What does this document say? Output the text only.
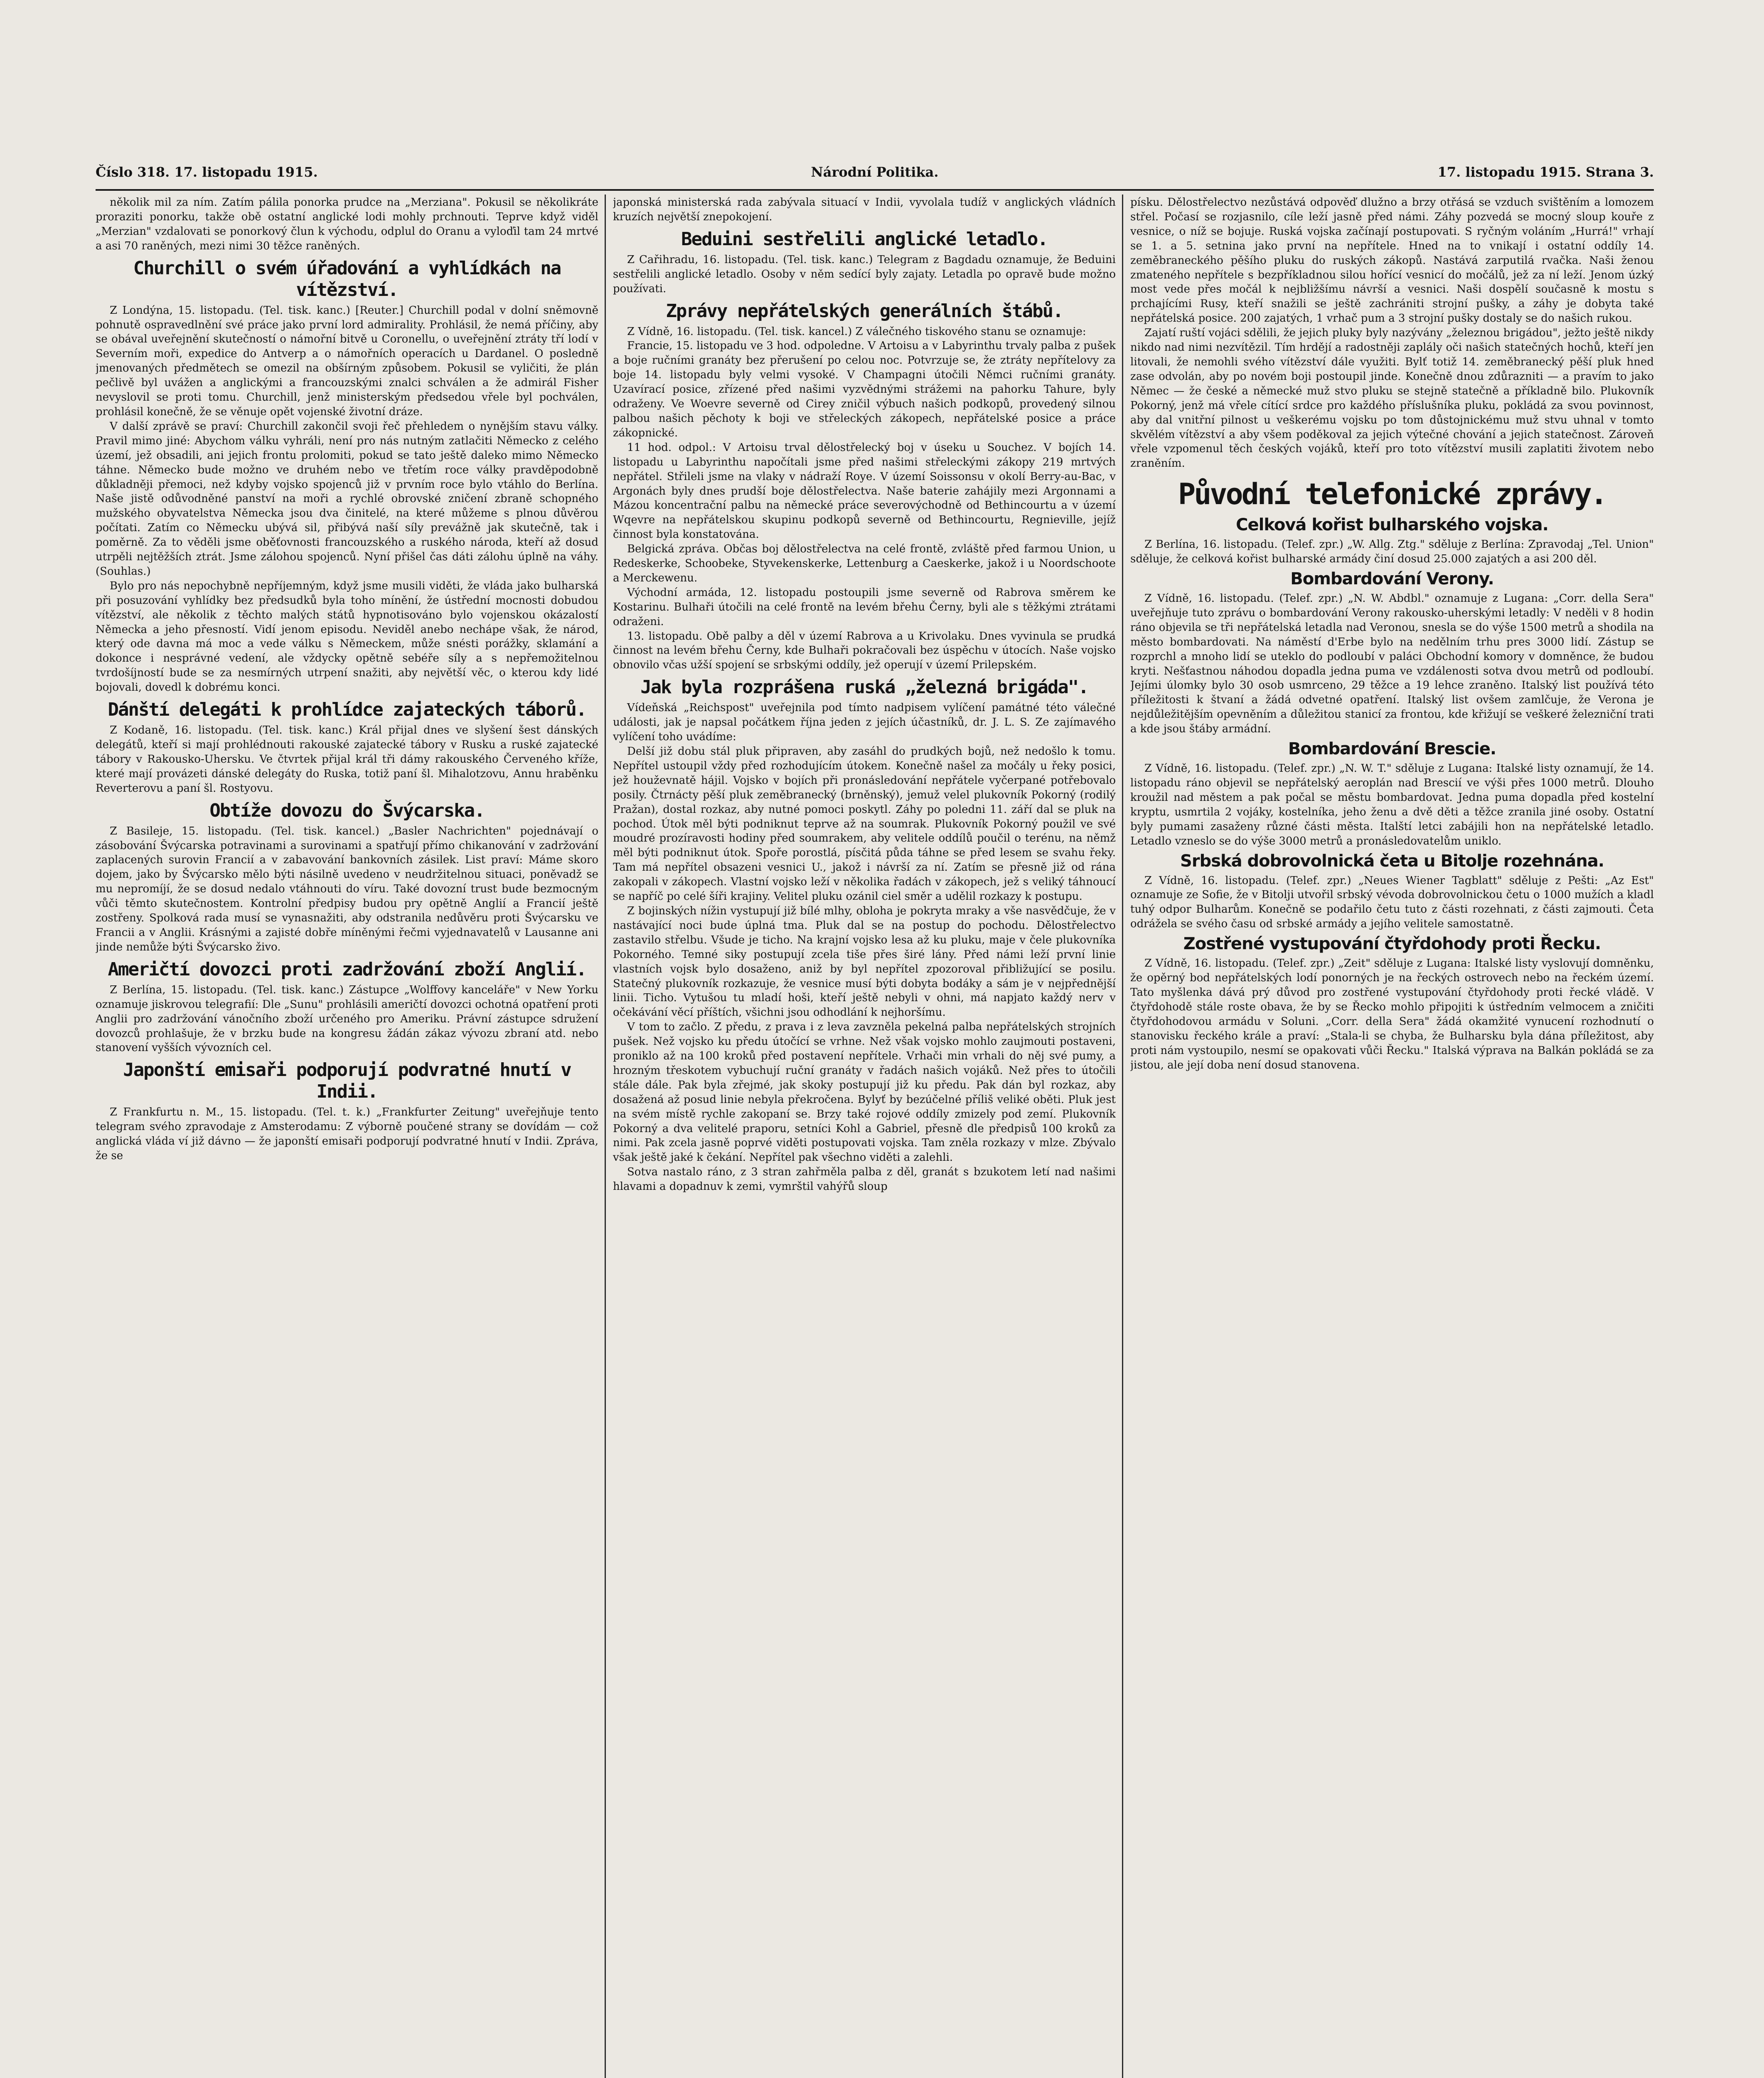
Číslo 318. 17. listopadu 1915.	Národní Politika.	17. listopadu 1915. Strana 3.

několik mil za ním. Zatím pálila ponorka prudce na „Merziana". Pokusil se několikráte proraziti ponorku, takže obě ostatní anglické lodi mohly prchnouti. Teprve když viděl „Merzian" vzdalovati se ponorkový člun k východu, odplul do Oranu a vyloďil tam 24 mrtvé a asi 70 raněných, mezi nimi 30 těžce raněných.

Churchill o svém úřadování a vyhlídkách na vítězství.

Z Londýna, 15. listopadu. (Tel. tisk. kanc.) [Reuter.] Churchill podal v dolní sněmovně pohnutě ospravedlnění své práce jako první lord admirality. Prohlásil, že nemá příčiny, aby se obával uveřejnění skutečností o námořní bitvě u Coronellu, o uveřejnění ztráty tří lodí v Severním moři, expedice do Antverp a o námořních operacích u Dardanel. O posledně jmenovaných předmětech se omezil na obšírným způsobem. Pokusil se vyličiti, že plán pečlivě byl uvážen a anglickými a francouzskými znalci schválen a že admirál Fisher nevyslovil se proti tomu. Churchill, jenž ministerským předsedou vřele byl pochválen, prohlásil konečně, že se věnuje opět vojenské životní dráze.

V další zprávě se praví: Churchill zakončil svoji řeč přehledem o nynějším stavu války. Pravil mimo jiné: Abychom válku vyhráli, není pro nás nutným zatlačiti Německo z celého území, jež obsadili, ani jejich frontu prolomiti, pokud se tato ještě daleko mimo Německo táhne. Německo bude možno ve druhém nebo ve třetím roce války pravděpodobně důkladněji přemoci, než kdyby vojsko spojenců již v prvním roce bylo vtáhlo do Berlína. Naše jistě odůvodněné panství na moři a rychlé obrovské zničení zbraně schopného mužského obyvatelstva Německa jsou dva činitelé, na které můžeme s plnou důvěrou počítati. Zatím co Německu ubývá sil, přibývá naší síly prevážně jak skutečně, tak i poměrně. Za to věděli jsme oběťovnosti francouzského a ruského národa, kteří až dosud utrpěli nejtěžších ztrát. Jsme zálohou spojenců. Nyní přišel čas dáti zálohu úplně na váhy. (Souhlas.)

Bylo pro nás nepochybně nepříjemným, když jsme musili viděti, že vláda jako bulharská při posuzování vyhlídky bez předsudků byla toho mínění, že ústřední mocnosti dobudou vítězství, ale několik z těchto malých států hypnotisováno bylo vojenskou okázalostí Německa a jeho přesností. Vidí jenom episodu. Neviděl anebo nechápe však, že národ, který ode davna má moc a vede válku s Německem, může snésti porážky, sklamání a dokonce i nesprávné vedení, ale vždycky opětně sebéře síly a s nepřemožitelnou tvrdošíjností bude se za nesmírných utrpení snažiti, aby největší věc, o kterou kdy lidé bojovali, dovedl k dobrému konci.

Dánští delegáti k prohlídce zajateckých táborů.

Z Kodaně, 16. listopadu. (Tel. tisk. kanc.) Král přijal dnes ve slyšení šest dánských delegátů, kteří si mají prohlédnouti rakouské zajatecké tábory v Rusku a ruské zajatecké tábory v Rakousko-Uhersku. Ve čtvrtek přijal král tři dámy rakouského Červeného kříže, které mají provázeti dánské delegáty do Ruska, totiž paní šl. Mihalotzovu, Annu hraběnku Reverterovu a paní šl. Rostyovu.

Obtíže dovozu do Švýcarska.

Z Basileje, 15. listopadu. (Tel. tisk. kancel.) „Basler Nachrichten" pojednávají o zásobování Švýcarska potravinami a surovinami a spatřují přímo chikanování v zadržování zaplacených surovin Francií a v zabavování bankovních zásilek. List praví: Máme skoro dojem, jako by Švýcarsko mělo býti násilně uvedeno v neudržitelnou situaci, poněvadž se mu nepromíjí, že se dosud nedalo vtáhnouti do víru. Také dovozní trust bude bezmocným vůči těmto skutečnostem. Kontrolní předpisy budou pry opětně Anglií a Francií ještě zostřeny. Spolková rada musí se vynasnažiti, aby odstranila nedůvěru proti Švýcarsku ve Francii a v Anglii. Krásnými a zajisté dobře míněnými řečmi vyjednavatelů v Lausanne ani jinde nemůže býti Švýcarsko živo.

Američtí dovozci proti zadržování zboží Anglií.

Z Berlína, 15. listopadu. (Tel. tisk. kanc.) Zástupce „Wolffovy kanceláře" v New Yorku oznamuje jiskrovou telegrafií: Dle „Sunu" prohlásili američtí dovozci ochotná opatření proti Anglii pro zadržování vánočního zboží určeného pro Ameriku. Právní zástupce sdružení dovozců prohlašuje, že v brzku bude na kongresu žádán zákaz vývozu zbraní atd. nebo stanovení vyšších vývozních cel.

Japonští emisaři podporují podvratné hnutí v Indii.

Z Frankfurtu n. M., 15. listopadu. (Tel. t. k.) „Frankfurter Zeitung" uveřejňuje tento telegram svého zpravodaje z Amsterodamu: Z výborně poučené strany se dovídám — což anglická vláda ví již dávno — že japonští emisaři podporují podvratné hnutí v Indii. Zpráva, že se

japonská ministerská rada zabývala situací v Indii, vyvolala tudíž v anglických vládních kruzích největší znepokojení.

Beduini sestřelili anglické letadlo.

Z Cařihradu, 16. listopadu. (Tel. tisk. kanc.) Telegram z Bagdadu oznamuje, že Beduini sestřelili anglické letadlo. Osoby v něm sedící byly zajaty. Letadla po opravě bude možno používati.

Zprávy nepřátelských generálních štábů.

Z Vídně, 16. listopadu. (Tel. tisk. kancel.) Z válečného tiskového stanu se oznamuje:

Francie, 15. listopadu ve 3 hod. odpoledne. V Artoisu a v Labyrinthu trvaly palba z pušek a boje ručními granáty bez přerušení po celou noc. Potvrzuje se, že ztráty nepřítelovy za boje 14. listopadu byly velmi vysoké. V Champagni útočili Němci ručními granáty. Uzavírací posice, zřízené před našimi vyzvědnými strážemi na pahorku Tahure, byly odraženy. Ve Woevre severně od Cirey zničil výbuch našich podkopů, provedený silnou palbou našich pěchoty k boji ve střeleckých zákopech, nepřátelské posice a práce zákopnické.

11 hod. odpol.: V Artoisu trval dělostřelecký boj v úseku u Souchez. V bojích 14. listopadu u Labyrinthu napočítali jsme před našimi střeleckými zákopy 219 mrtvých nepřátel. Střileli jsme na vlaky v nádraží Roye. V území Soissonsu v okolí Berry-au-Bac, v Argonách byly dnes prudší boje dělostřelectva. Naše baterie zahájily mezi Argonnami a Mázou koncentrační palbu na německé práce severovýchodně od Bethincourtu a v území Wqevre na nepřátelskou skupinu podkopů severně od Bethincourtu, Regnieville, jejíž činnost byla konstatována.

Belgická zpráva. Občas boj dělostřelectva na celé frontě, zvláště před farmou Union, u Redeskerke, Schoobeke, Styvekenskerke, Lettenburg a Caeskerke, jakož i u Noordschoote a Merckewenu.

Východní armáda, 12. listopadu postoupili jsme severně od Rabrova směrem ke Kostarinu. Bulhaři útočili na celé frontě na levém břehu Černy, byli ale s těžkými ztrátami odraženi.

13. listopadu. Obě palby a děl v území Rabrova a u Krivolaku. Dnes vyvinula se prudká činnost na levém břehu Černy, kde Bulhaři pokračovali bez úspěchu v útocích. Naše vojsko obnovilo včas užší spojení se srbskými oddíly, jež operují v území Prilepském.

Jak byla rozprášena ruská „železná brigáda".

Vídeňská „Reichspost" uveřejnila pod tímto nadpisem vylíčení památné této válečné události, jak je napsal počátkem října jeden z jejích účastníků, dr. J. L. S. Ze zajímavého vylíčení toho uvádíme:

Delší již dobu stál pluk připraven, aby zasáhl do prudkých bojů, než nedošlo k tomu. Nepřítel ustoupil vždy před rozhodujícím útokem. Konečně našel za močály u řeky posici, jež houževnatě hájil. Vojsko v bojích při pronásledování nepřátele vyčerpané potřebovalo posily. Čtrnácty pěší pluk zeměbranecký (brněnský), jemuž velel plukovník Pokorný (rodilý Pražan), dostal rozkaz, aby nutné pomoci poskytl. Záhy po poledni 11. září dal se pluk na pochod. Útok měl býti podniknut teprve až na soumrak. Plukovník Pokorný použil ve své moudré prozíravosti hodiny před soumrakem, aby velitele oddílů poučil o terénu, na němž měl býti podniknut útok. Spoře porostlá, písčitá půda táhne se před lesem se svahu řeky. Tam má nepřítel obsazeni vesnici U., jakož i návrší za ní. Zatím se přesně již od rána zakopali v zákopech. Vlastní vojsko leží v několika řadách v zákopech, jež s veliký táhnoucí se napříč po celé šíři krajiny. Velitel pluku ozánil ciel směr a udělil rozkazy k postupu.

Z bojinských nížin vystupují již bílé mlhy, obloha je pokryta mraky a vše nasvědčuje, že v nastávající noci bude úplná tma. Pluk dal se na postup do pochodu. Dělostřelectvo zastavilo střelbu. Všude je ticho. Na krajní vojsko lesa až ku pluku, maje v čele plukovníka Pokorného. Temné siky postupují zcela tiše přes širé lány. Před námi leží první linie vlastních vojsk bylo dosaženo, aniž by byl nepřítel zpozoroval přibližující se posilu. Statečný plukovník rozkazuje, že vesnice musí býti dobyta bodáky a sám je v nejpřednější linii. Ticho. Vytušou tu mladí hoši, kteří ještě nebyli v ohni, má napjato každý nerv v očekávání věcí příštích, všichni jsou odhodlání k nejhoršímu.

V tom to začlo. Z předu, z prava i z leva zavzněla pekelná palba nepřátelských strojních pušek. Než vojsko ku předu útočící se vrhne. Než však vojsko mohlo zaujmouti postaveni, proniklo až na 100 kroků před postavení nepřítele. Vrhači min vrhali do něj své pumy, a hrozným třeskotem vybuchují ruční granáty v řadách našich vojáků. Než přes to útočili stále dále. Pak byla zřejmé, jak skoky postupují již ku předu. Pak dán byl rozkaz, aby dosažená až posud linie nebyla překročena. Bylyť by bezúčelné příliš veliké oběti. Pluk jest na svém místě rychle zakopaní se. Brzy také rojové oddíly zmizely pod zemí. Plukovník Pokorný a dva velitelé praporu, setníci Kohl a Gabriel, přesně dle předpisů 100 kroků za nimi. Pak zcela jasně poprvé viděti postupovati vojska. Tam zněla rozkazy v mlze. Zbývalo však ještě jaké k čekání. Nepřítel pak všechno viděti a zalehli.

Sotva nastalo ráno, z 3 stran zahřměla palba z děl, granát s bzukotem letí nad našimi hlavami a dopadnuv k zemi, vymrštil vahýřů sloup

písku. Dělostřelectvo nezůstává odpověď dlužno a brzy otřásá se vzduch svištěním a lomozem střel. Počasí se rozjasnilo, cíle leží jasně před námi. Záhy pozvedá se mocný sloup kouře z vesnice, o níž se bojuje. Ruská vojska začínají postupovati. S ryčným voláním „Hurrá!" vrhají se 1. a 5. setnina jako první na nepřítele. Hned na to vnikají i ostatní oddíly 14. zeměbraneckého pěšího pluku do ruských zákopů. Nastává zarputilá rvačka. Naši ženou zmateného nepřítele s bezpříkladnou silou hořící vesnicí do močálů, jež za ní leží. Jenom úzký most vede přes močál k nejbližšímu návrší a vesnici. Naši dospělí současně k mostu s prchajícími Rusy, kteří snažili se ještě zachrániti strojní pušky, a záhy je dobyta také nepřátelská posice. 200 zajatých, 1 vrhač pum a 3 strojní pušky dostaly se do našich rukou.

Zajatí ruští vojáci sdělili, že jejich pluky byly nazývány „železnou brigádou", ježto ještě nikdy nikdo nad nimi nezvítězil. Tím hrdějí a radostněji zaplály oči našich statečných hochů, kteří jen litovali, že nemohli svého vítězství dále využiti. Bylť totiž 14. zeměbranecký pěší pluk hned zase odvolán, aby po novém boji postoupil jinde. Konečně dnou zdůrazniti — a pravím to jako Němec — že české a německé muž stvo pluku se stejně statečně a příkladně bilo. Plukovník Pokorný, jenž má vřele cítící srdce pro každého příslušníka pluku, pokládá za svou povinnost, aby dal vnitřní pilnost u veškerému vojsku po tom důstojnickému muž stvu uhnal v tomto skvělém vítězství a aby všem poděkoval za jejich výtečné chování a jejich statečnost. Zároveň vřele vzpomenul těch českých vojáků, kteří pro toto vítězství musili zaplatiti životem nebo zraněním.

Původní telefonické zprávy.
Celková kořist bulharského vojska.

Z Berlína, 16. listopadu. (Telef. zpr.) „W. Allg. Ztg." sděluje z Berlína: Zpravodaj „Tel. Union" sděluje, že celková kořist bulharské armády činí dosud 25.000 zajatých a asi 200 děl.

Bombardování Verony.

Z Vídně, 16. listopadu. (Telef. zpr.) „N. W. Abdbl." oznamuje z Lugana: „Corr. della Sera" uveřejňuje tuto zprávu o bombardování Verony rakousko-uherskými letadly: V neděli v 8 hodin ráno objevila se tři nepřátelská letadla nad Veronou, snesla se do výše 1500 metrů a shodila na město bombardovati. Na náměstí d'Erbe bylo na nedělním trhu pres 3000 lidí. Zástup se rozprchl a mnoho lidí se uteklo do podloubí v paláci Obchodní komory v domněnce, že budou kryti. Nešťastnou náhodou dopadla jedna puma ve vzdálenosti sotva dvou metrů od podloubí. Jejími úlomky bylo 30 osob usmrceno, 29 těžce a 19 lehce zraněno. Italský list používá této příležitosti k štvaní a žádá odvetné opatření. Italský list ovšem zamlčuje, že Verona je nejdůležitějším opevněním a důležitou stanicí za frontou, kde křižují se veškeré železniční trati a kde jsou štáby armádní.

Bombardování Brescie.

Z Vídně, 16. listopadu. (Telef. zpr.) „N. W. T." sděluje z Lugana: Italské listy oznamují, že 14. listopadu ráno objevil se nepřátelský aeroplán nad Brescií ve výši přes 1000 metrů. Dlouho kroužil nad městem a pak počal se městu bombardovat. Jedna puma dopadla před kostelní kryptu, usmrtila 2 vojáky, kostelníka, jeho ženu a dvě děti a těžce zranila jiné osoby. Ostatní byly pumami zasaženy různé části města. Italští letci zabájili hon na nepřátelské letadlo. Letadlo vzneslo se do výše 3000 metrů a pronásledovatelům uniklo.

Srbská dobrovolnická četa u Bitolje rozehnána.

Z Vídně, 16. listopadu. (Telef. zpr.) „Neues Wiener Tagblatt" sděluje z Pešti: „Az Est" oznamuje ze Sofie, že v Bitolji utvořil srbský vévoda dobrovolnickou četu o 1000 mužích a kladl tuhý odpor Bulharům. Konečně se podařilo četu tuto z části rozehnati, z části zajmouti. Četa odrážela se svého času od srbské armády a jejího velitele samostatně.

Zostřené vystupování čtyřdohody proti Řecku.

Z Vídně, 16. listopadu. (Telef. zpr.) „Zeit" sděluje z Lugana: Italské listy vyslovují domněnku, že opěrný bod nepřátelských lodí ponorných je na řeckých ostrovech nebo na řeckém území. Tato myšlenka dává prý důvod pro zostřené vystupování čtyřdohody proti řecké vládě. V čtyřdohodě stále roste obava, že by se Řecko mohlo připojiti k ústředním velmocem a zničiti čtyřdohodovou armádu v Soluni. „Corr. della Sera" žádá okamžité vynucení rozhodnutí o stanovisku řeckého krále a praví: „Stala-li se chyba, že Bulharsku byla dána příležitost, aby proti nám vystoupilo, nesmí se opakovati vůči Řecku." Italská výprava na Balkán pokládá se za jistou, ale její doba není dosud stanovena.
